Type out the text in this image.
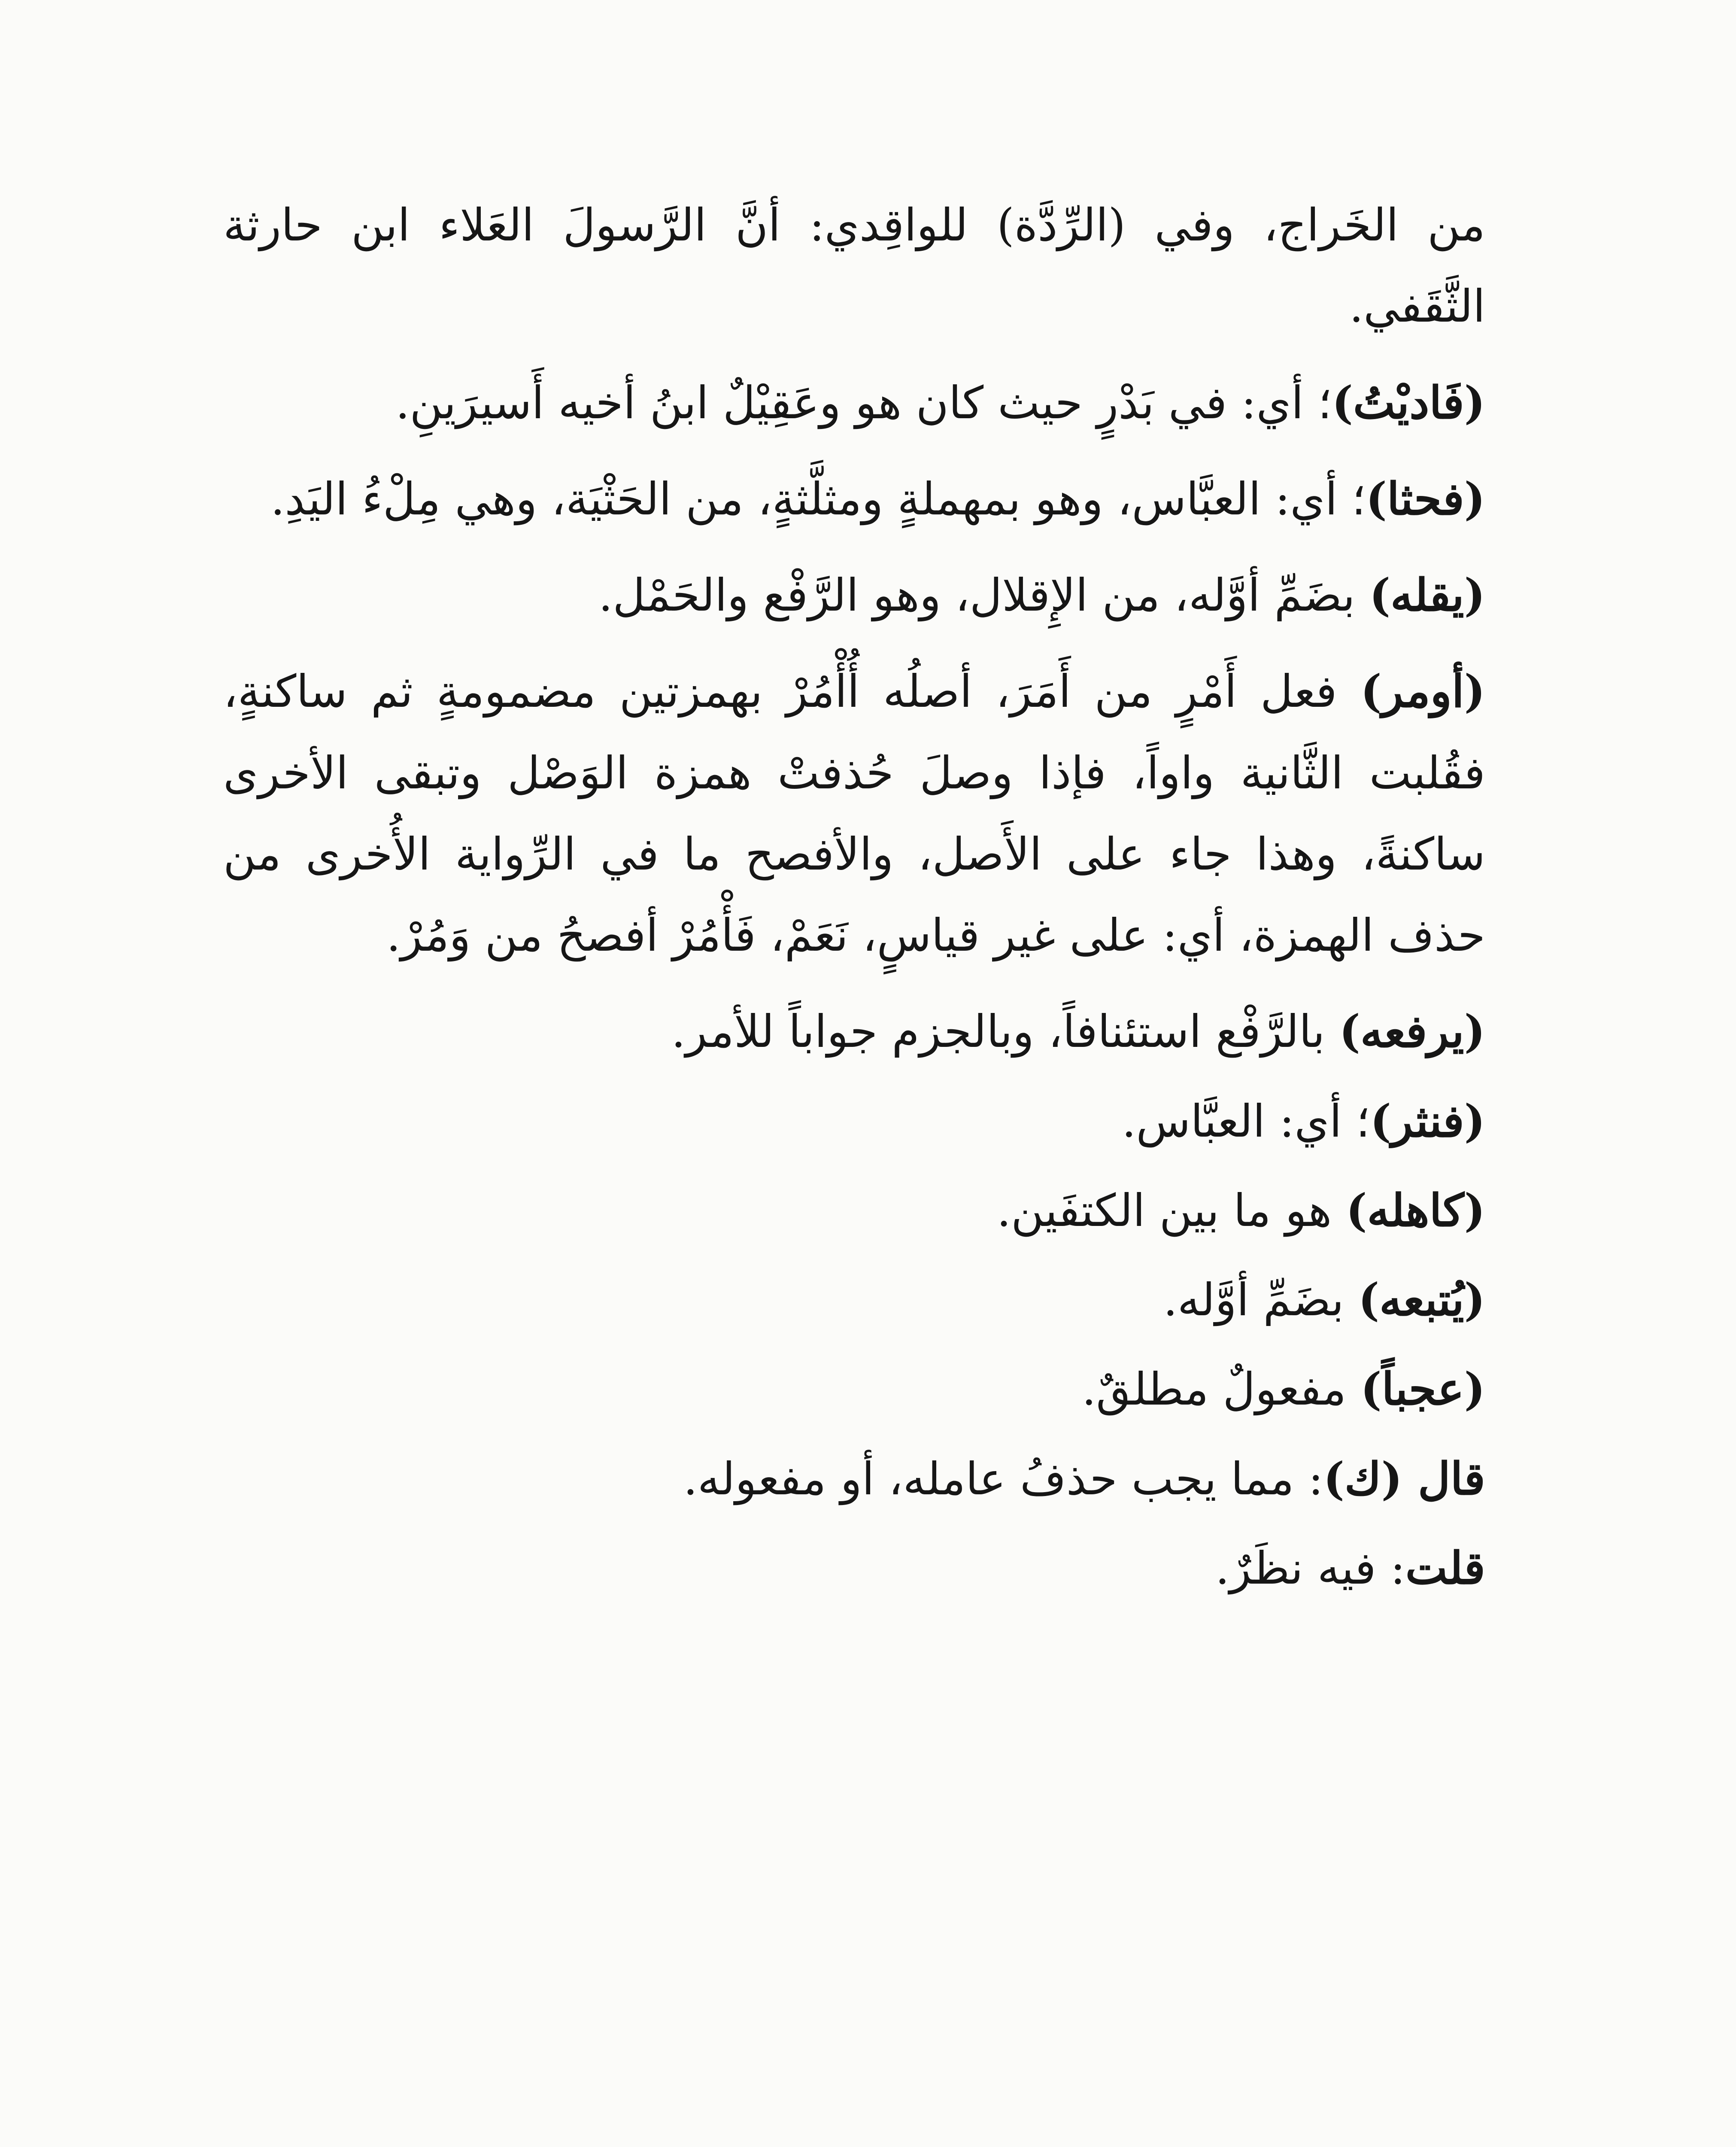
من الخَراج، وفي (الرِّدَّة) للواقِدي: أنَّ الرَّسولَ العَلاء ابن حارثة الثَّقَفي.

(فَاديْتُ)؛ أي: في بَدْرٍ حيث كان هو وعَقِيْلٌ ابنُ أخيه أَسيرَينِ.

(فحثا)؛ أي: العبَّاس، وهو بمهملةٍ ومثلَّثةٍ، من الحَثْيَة، وهي مِلْءُ اليَدِ.

(يقله) بضَمِّ أوَّله، من الإِقلال، وهو الرَّفْع والحَمْل.

(أومر) فعل أَمْرٍ من أَمَرَ، أصلُه أُأْمُرْ بهمزتين مضمومةٍ ثم ساكنةٍ، فقُلبت الثَّانية واواً، فإذا وصلَ حُذفتْ همزة الوَصْل وتبقى الأخرى ساكنةً، وهذا جاء على الأَصل، والأفصح ما في الرِّواية الأُخرى من حذف الهمزة، أي: على غير قياسٍ، نَعَمْ، فَأْمُرْ أفصحُ من وَمُرْ.

(يرفعه) بالرَّفْع استئنافاً، وبالجزم جواباً للأمر.

(فنثر)؛ أي: العبَّاس.

(كاهله) هو ما بين الكتفَين.

(يُتبعه) بضَمِّ أوَّله.

(عجباً) مفعولٌ مطلقٌ.

قال (ك): مما يجب حذفُ عامله، أو مفعوله.

قلت: فيه نظَرٌ.
